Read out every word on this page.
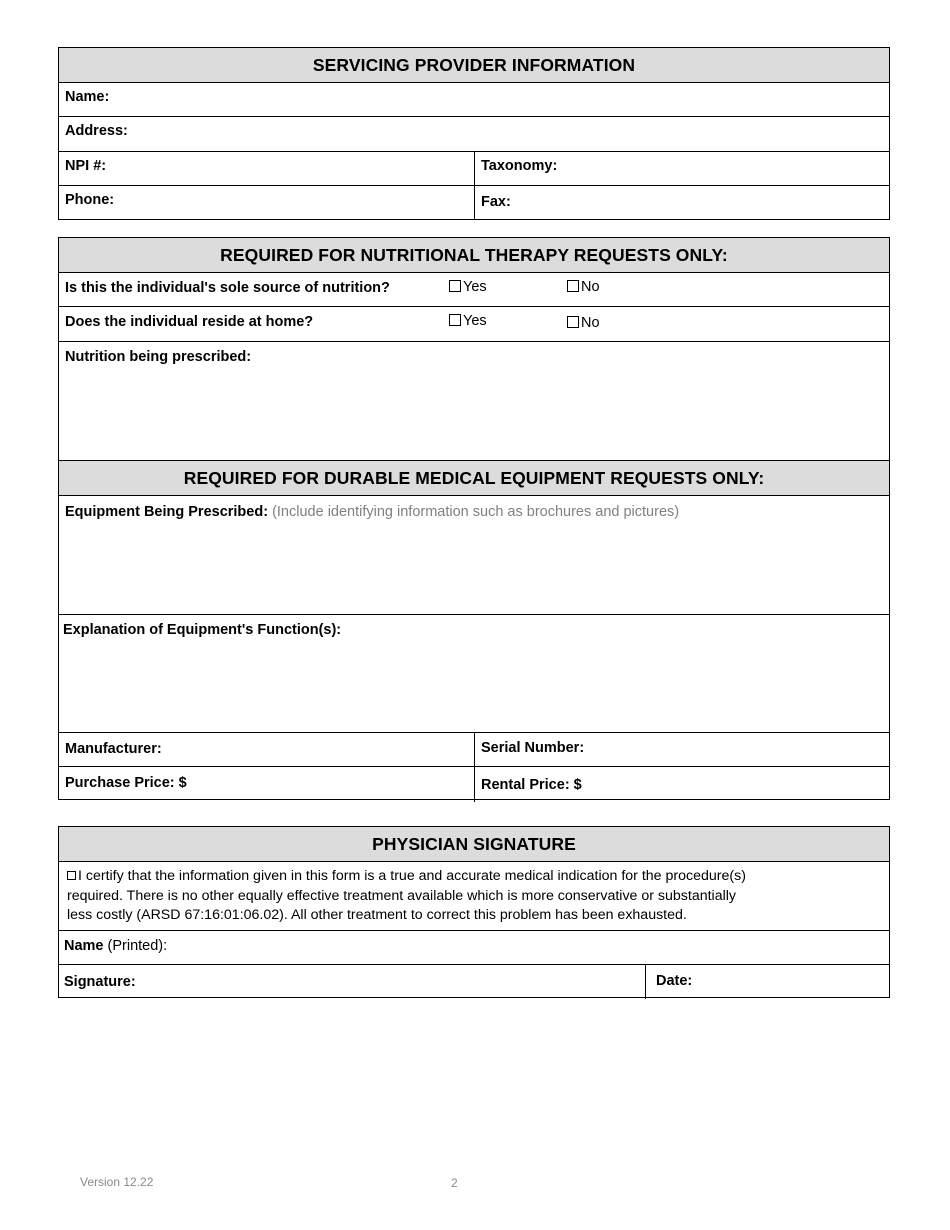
SERVICING PROVIDER INFORMATION
Name:
Address:
NPI #:	Taxonomy:
Phone:	Fax:
REQUIRED FOR NUTRITIONAL THERAPY REQUESTS ONLY:
Is this the individual's sole source of nutrition?	Yes	No
Does the individual reside at home?	Yes	No
Nutrition being prescribed:
REQUIRED FOR DURABLE MEDICAL EQUIPMENT REQUESTS ONLY:
Equipment Being Prescribed: (Include identifying information such as brochures and pictures)
Explanation of Equipment's Function(s):
Manufacturer:	Serial Number:
Purchase Price: $	Rental Price: $
PHYSICIAN SIGNATURE
I certify that the information given in this form is a true and accurate medical indication for the procedure(s)
required. There is no other equally effective treatment available which is more conservative or substantially
less costly (ARSD 67:16:01:06.02). All other treatment to correct this problem has been exhausted.
Name (Printed):
Signature:	Date:
Version 12.22	2
